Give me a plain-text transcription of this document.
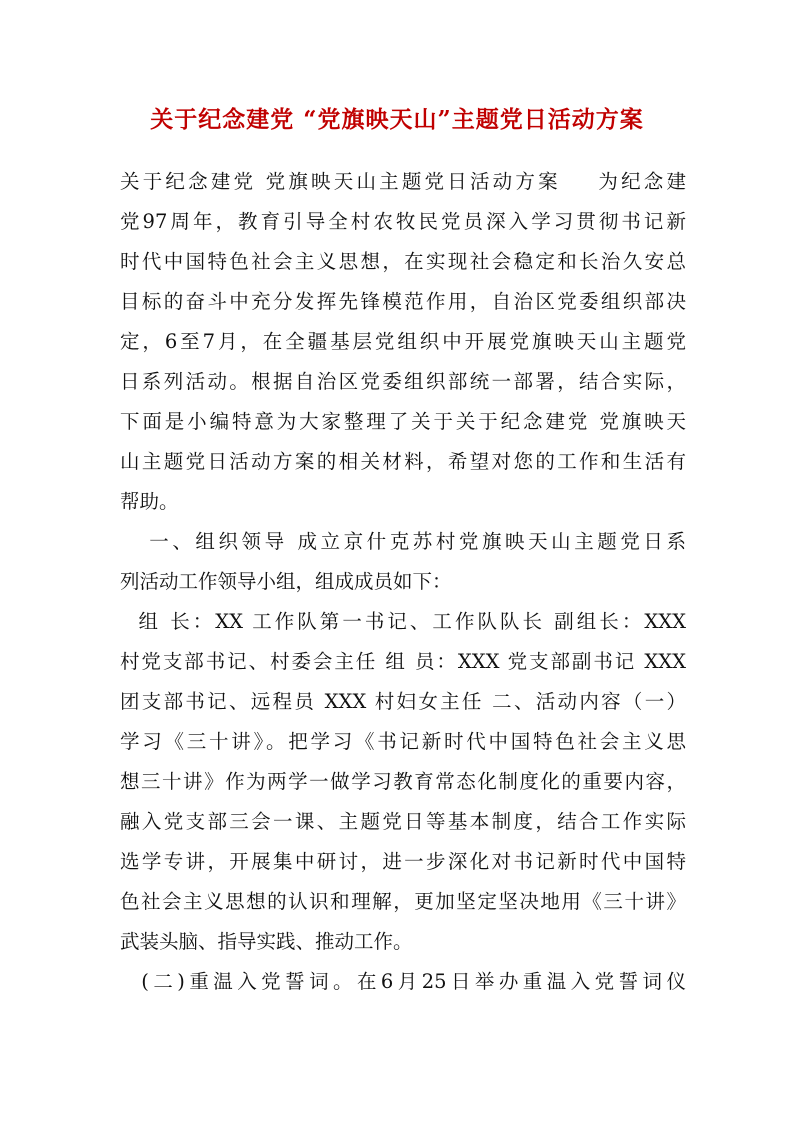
关于纪念建党 “党旗映天山”主题党日活动方案
关于纪念建党 党旗映天山主题党日活动方案    为纪念建
党97周年，教育引导全村农牧民党员深入学习贯彻书记新
时代中国特色社会主义思想，在实现社会稳定和长治久安总
目标的奋斗中充分发挥先锋模范作用，自治区党委组织部决
定，6至7月，在全疆基层党组织中开展党旗映天山主题党
日系列活动。根据自治区党委组织部统一部署，结合实际，
下面是小编特意为大家整理了关于关于纪念建党 党旗映天
山主题党日活动方案的相关材料，希望对您的工作和生活有
帮助。
一、组织领导 成立京什克苏村党旗映天山主题党日系
列活动工作领导小组，组成成员如下：
组 长：XX 工作队第一书记、工作队队长 副组长：XXX
村党支部书记、村委会主任 组 员：XXX 党支部副书记 XXX
团支部书记、远程员 XXX 村妇女主任 二、活动内容（一）
学习《三十讲》。把学习《书记新时代中国特色社会主义思
想三十讲》作为两学一做学习教育常态化制度化的重要内容，
融入党支部三会一课、主题党日等基本制度，结合工作实际
选学专讲，开展集中研讨，进一步深化对书记新时代中国特
色社会主义思想的认识和理解，更加坚定坚决地用《三十讲》
武装头脑、指导实践、推动工作。
(二)重温入党誓词。在6月25日举办重温入党誓词仪
